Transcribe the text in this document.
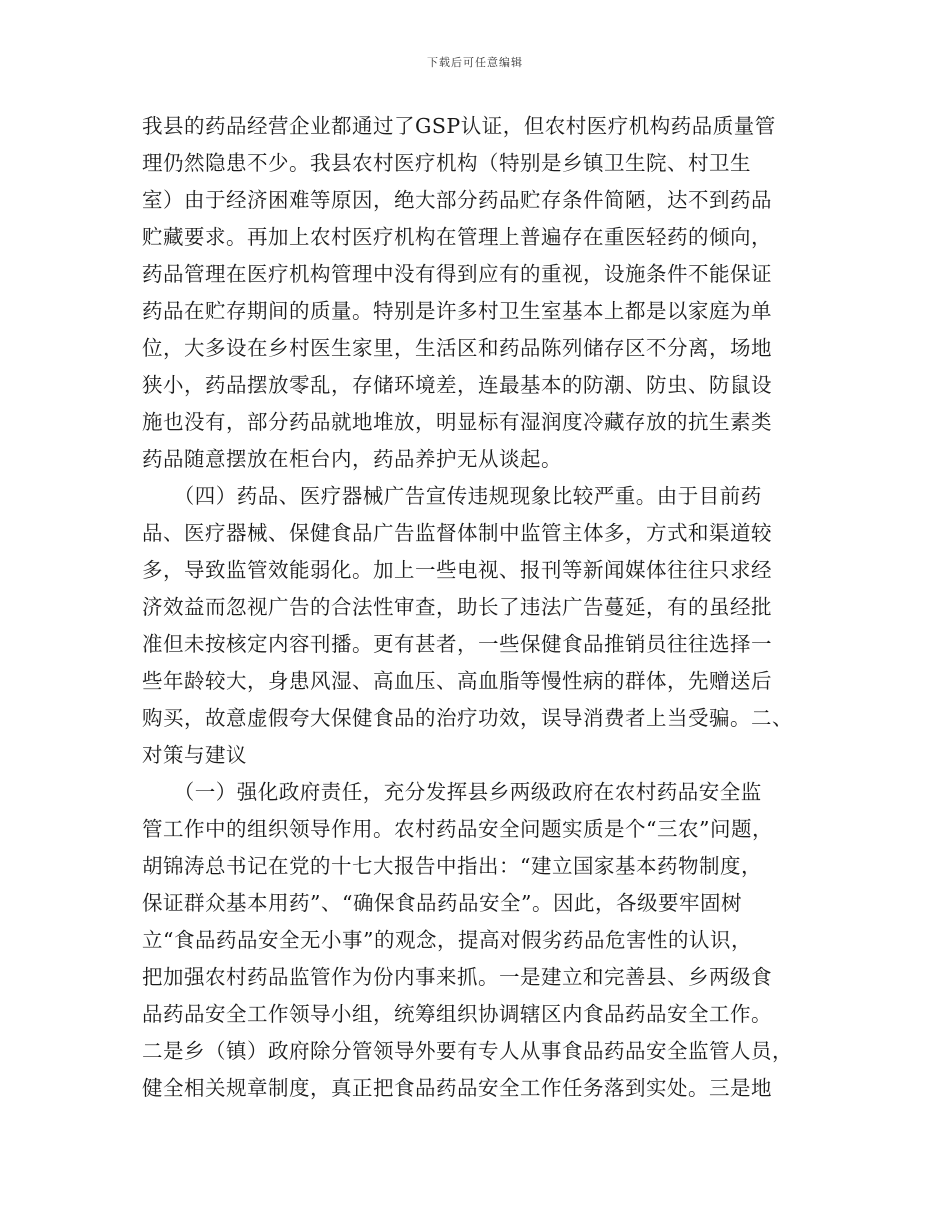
下载后可任意编辑
我县的药品经营企业都通过了GSP认证，但农村医疗机构药品质量管
理仍然隐患不少。我县农村医疗机构（特别是乡镇卫生院、村卫生
室）由于经济困难等原因，绝大部分药品贮存条件简陋，达不到药品
贮藏要求。再加上农村医疗机构在管理上普遍存在重医轻药的倾向，
药品管理在医疗机构管理中没有得到应有的重视，设施条件不能保证
药品在贮存期间的质量。特别是许多村卫生室基本上都是以家庭为单
位，大多设在乡村医生家里，生活区和药品陈列储存区不分离，场地
狭小，药品摆放零乱，存储环境差，连最基本的防潮、防虫、防鼠设
施也没有，部分药品就地堆放，明显标有湿润度冷藏存放的抗生素类
药品随意摆放在柜台内，药品养护无从谈起。
　　（四）药品、医疗器械广告宣传违规现象比较严重。由于目前药
品、医疗器械、保健食品广告监督体制中监管主体多，方式和渠道较
多，导致监管效能弱化。加上一些电视、报刊等新闻媒体往往只求经
济效益而忽视广告的合法性审查，助长了违法广告蔓延，有的虽经批
准但未按核定内容刊播。更有甚者，一些保健食品推销员往往选择一
些年龄较大，身患风湿、高血压、高血脂等慢性病的群体，先赠送后
购买，故意虚假夸大保健食品的治疗功效，误导消费者上当受骗。二、
对策与建议
　　（一）强化政府责任，充分发挥县乡两级政府在农村药品安全监
管工作中的组织领导作用。农村药品安全问题实质是个“三农”问题，
胡锦涛总书记在党的十七大报告中指出：“建立国家基本药物制度，
保证群众基本用药”、“确保食品药品安全”。因此，各级要牢固树
立“食品药品安全无小事”的观念，提高对假劣药品危害性的认识，
把加强农村药品监管作为份内事来抓。一是建立和完善县、乡两级食
品药品安全工作领导小组，统筹组织协调辖区内食品药品安全工作。
二是乡（镇）政府除分管领导外要有专人从事食品药品安全监管人员，
健全相关规章制度，真正把食品药品安全工作任务落到实处。三是地
